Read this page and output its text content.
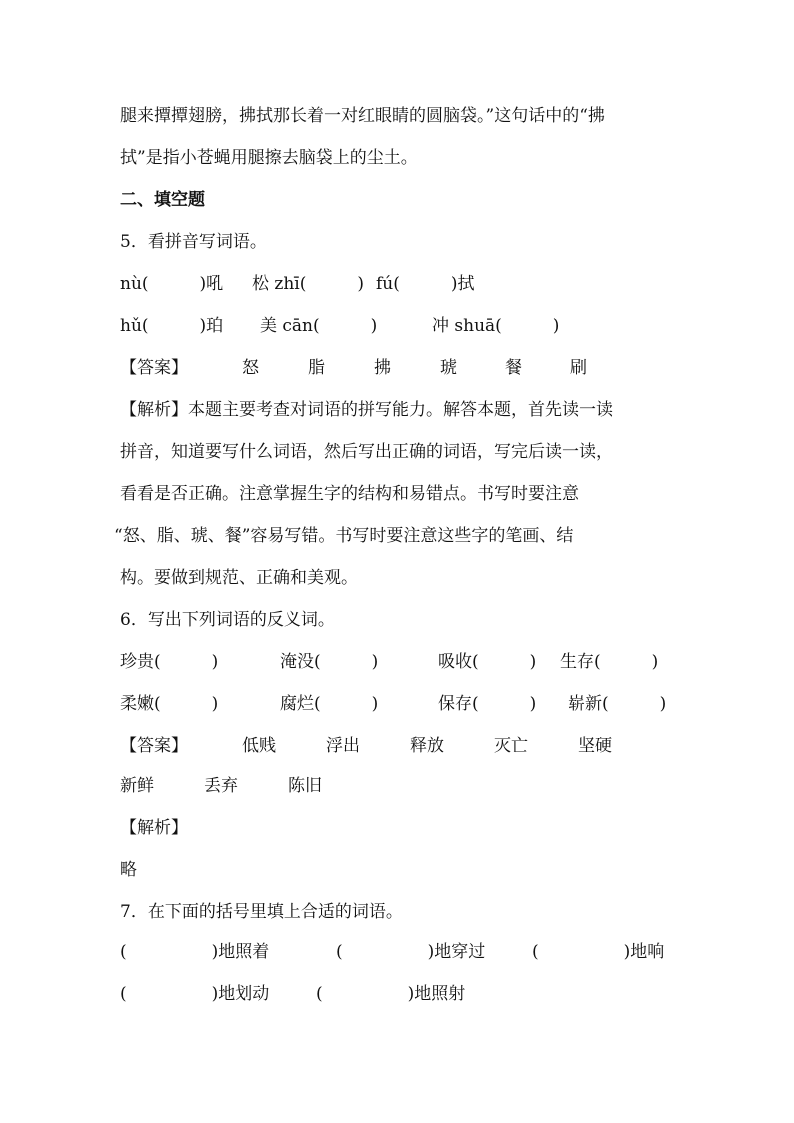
腿来撢撢翅膀，拂拭那长着一对红眼睛的圆脑袋。”这句话中的“拂
拭”是指小苍蝇用腿擦去脑袋上的尘土。
二、填空题
5．看拼音写词语。
nù(　　　)吼 松 zhī(　　　) fú(　　　)拭
hǔ(　　　)珀 美 cān(　　　)	冲 shuā(　　　)
【答案】	怒	脂	拂	琥	餐	刷
【解析】本题主要考查对词语的拼写能力。解答本题，首先读一读
拼音，知道要写什么词语，然后写出正确的词语，写完后读一读，
看看是否正确。注意掌握生字的结构和易错点。书写时要注意
“怒、脂、琥、餐”容易写错。书写时要注意这些字的笔画、结
构。要做到规范、正确和美观。
6．写出下列词语的反义词。
珍贵(　　　)	淹没(　　　)	吸收(　　　) 生存(　　　)
柔嫩(　　　)	腐烂(　　　)	保存(　　　) 崭新(　　　)
【答案】	低贱	浮出	释放	灭亡	坚硬
新鲜	丢弃	陈旧
【解析】
略
7．在下面的括号里填上合适的词语。
(　　　　　)地照着	(　　　　　)地穿过	(　　　　　)地响
(　　　　　)地划动	(　　　　　)地照射
